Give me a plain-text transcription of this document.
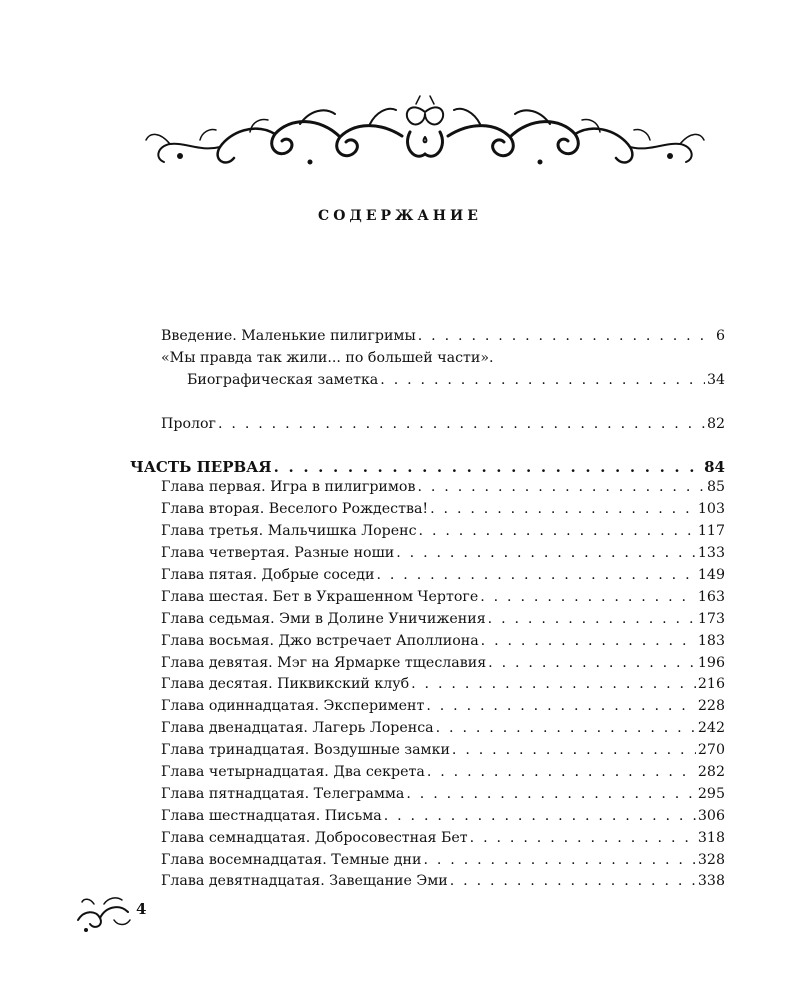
СОДЕРЖАНИЕ
Введение. Маленькие пилигримы . . .	6
«Мы правда так жили... по большей части».
Биографическая заметка . . .	34
Пролог . . .	82
ЧАСТЬ ПЕРВАЯ . . .	84
Глава первая. Игра в пилигримов . . .	85
Глава вторая. Веселого Рождества! . . .	103
Глава третья. Мальчишка Лоренс . . .	117
Глава четвертая. Разные ноши . . .	133
Глава пятая. Добрые соседи . . .	149
Глава шестая. Бет в Украшенном Чертоге . . .	163
Глава седьмая. Эми в Долине Уничижения . . .	173
Глава восьмая. Джо встречает Аполлиона . . .	183
Глава девятая. Мэг на Ярмарке тщеславия . . .	196
Глава десятая. Пиквикский клуб . . .	216
Глава одиннадцатая. Эксперимент . . .	228
Глава двенадцатая. Лагерь Лоренса . . .	242
Глава тринадцатая. Воздушные замки . . .	270
Глава четырнадцатая. Два секрета . . .	282
Глава пятнадцатая. Телеграмма . . .	295
Глава шестнадцатая. Письма . . .	306
Глава семнадцатая. Добросовестная Бет . . .	318
Глава восемнадцатая. Темные дни . . .	328
Глава девятнадцатая. Завещание Эми . . .	338
4
